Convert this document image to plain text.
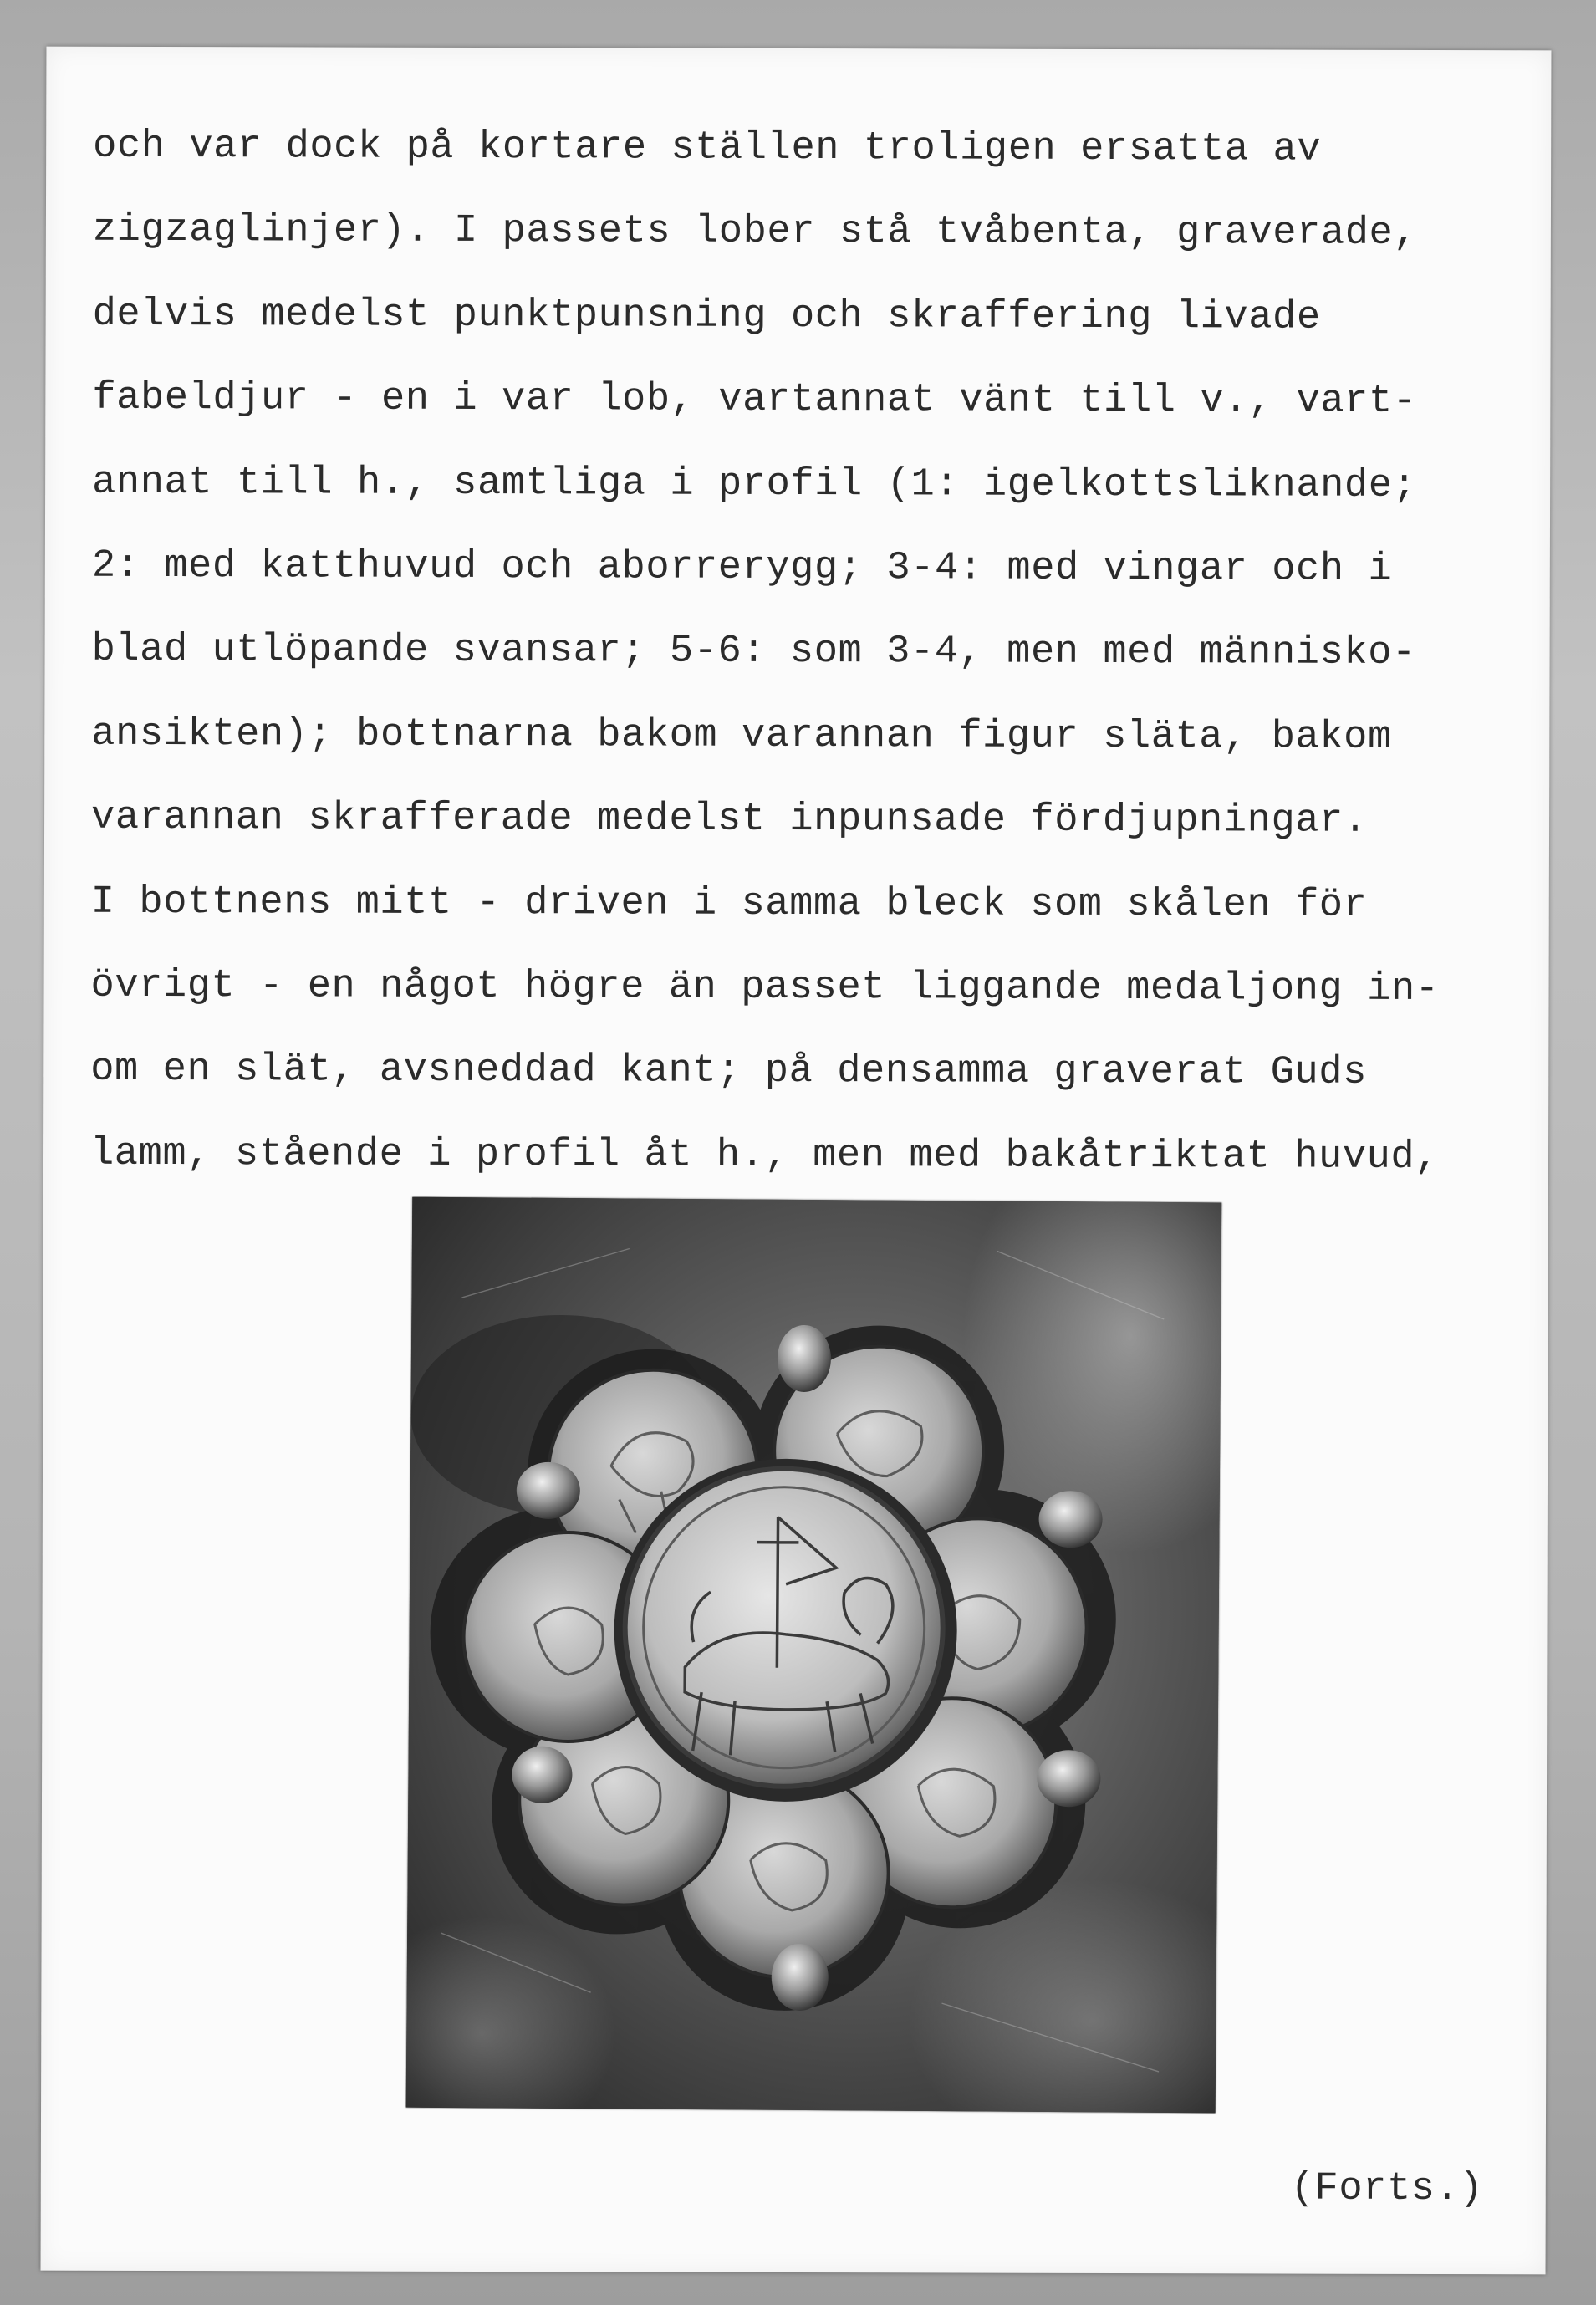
och var dock på kortare ställen troligen ersatta av
zigzaglinjer). I passets lober stå tvåbenta, graverade,
delvis medelst punktpunsning och skraffering livade
fabeldjur - en i var lob, vartannat vänt till v., vart-
annat till h., samtliga i profil (1: igelkottsliknande;
2: med katthuvud och aborrerygg; 3-4: med vingar och i
blad utlöpande svansar; 5-6: som 3-4, men med människo-
ansikten); bottnarna bakom varannan figur släta, bakom
varannan skrafferade medelst inpunsade fördjupningar.
I bottnens mitt - driven i samma bleck som skålen för
övrigt - en något högre än passet liggande medaljong in-
om en slät, avsneddad kant; på densamma graverat Guds
lamm, stående i profil åt h., men med bakåtriktat huvud,
(Forts.)
